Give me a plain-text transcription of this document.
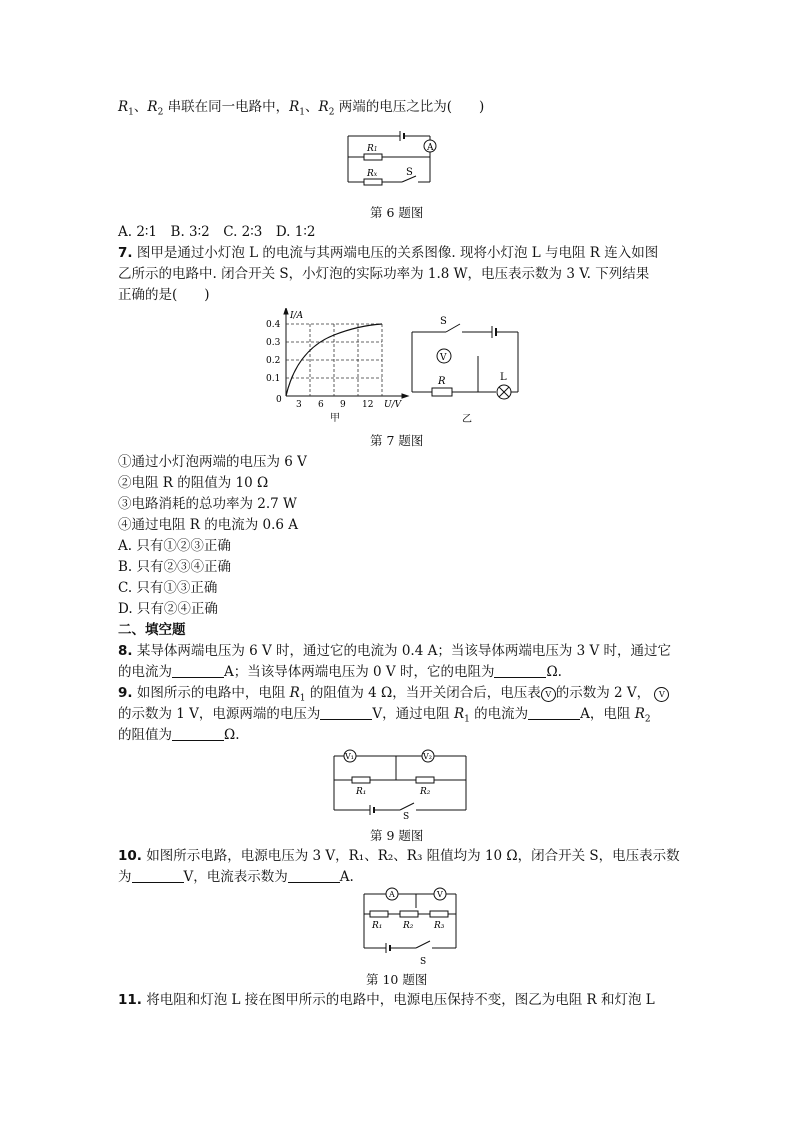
$R_1$、$R_2$ 串联在同一电路中，$R_1$、$R_2$ 两端的电压之比为(　　)
A
R1
Rx	S
第 6 题图
A. 2∶1　B. 3∶2　C. 2∶3　D. 1∶2
7. 图甲是通过小灯泡 L 的电流与其两端电压的关系图像. 现将小灯泡 L 与电阻 R 连入如图
乙所示的电路中. 闭合开关 S，小灯泡的实际功率为 1.8 W，电压表示数为 3 V. 下列结果
正确的是(　　)
I/A
0.4
0.3
0.2
0.1
0 3 6 9 12 U/V
甲
S
V
R	L
乙
第 7 题图
①通过小灯泡两端的电压为 6 V
②电阻 R 的阻值为 10 Ω
③电路消耗的总功率为 2.7 W
④通过电阻 R 的电流为 0.6 A
A. 只有①②③正确
B. 只有②③④正确
C. 只有①③正确
D. 只有②④正确
二、填空题
8. 某导体两端电压为 6 V 时，通过它的电流为 0.4 A；当该导体两端电压为 3 V 时，通过它
的电流为	A；当该导体两端电压为 0 V 时，它的电阻为	Ω.
9. 如图所示的电路中，电阻 $R_1$ 的阻值为 4 Ω，当开关闭合后，电压表 V 的示数为 2 V， V
的示数为 1 V，电源两端的电压为	V，通过电阻 $R_1$ 的电流为	A，电阻 $R_2$
的阻值为	Ω.
V₁	V₂
R₁	R₂
S
第 9 题图
10. 如图所示电路，电源电压为 3 V，R₁、R₂、R₃ 阻值均为 10 Ω，闭合开关 S，电压表示数
为	V，电流表示数为	A.
A	V
R₁ R₂ R₃
S
第 10 题图
11. 将电阻和灯泡 L 接在图甲所示的电路中，电源电压保持不变，图乙为电阻 R 和灯泡 L
